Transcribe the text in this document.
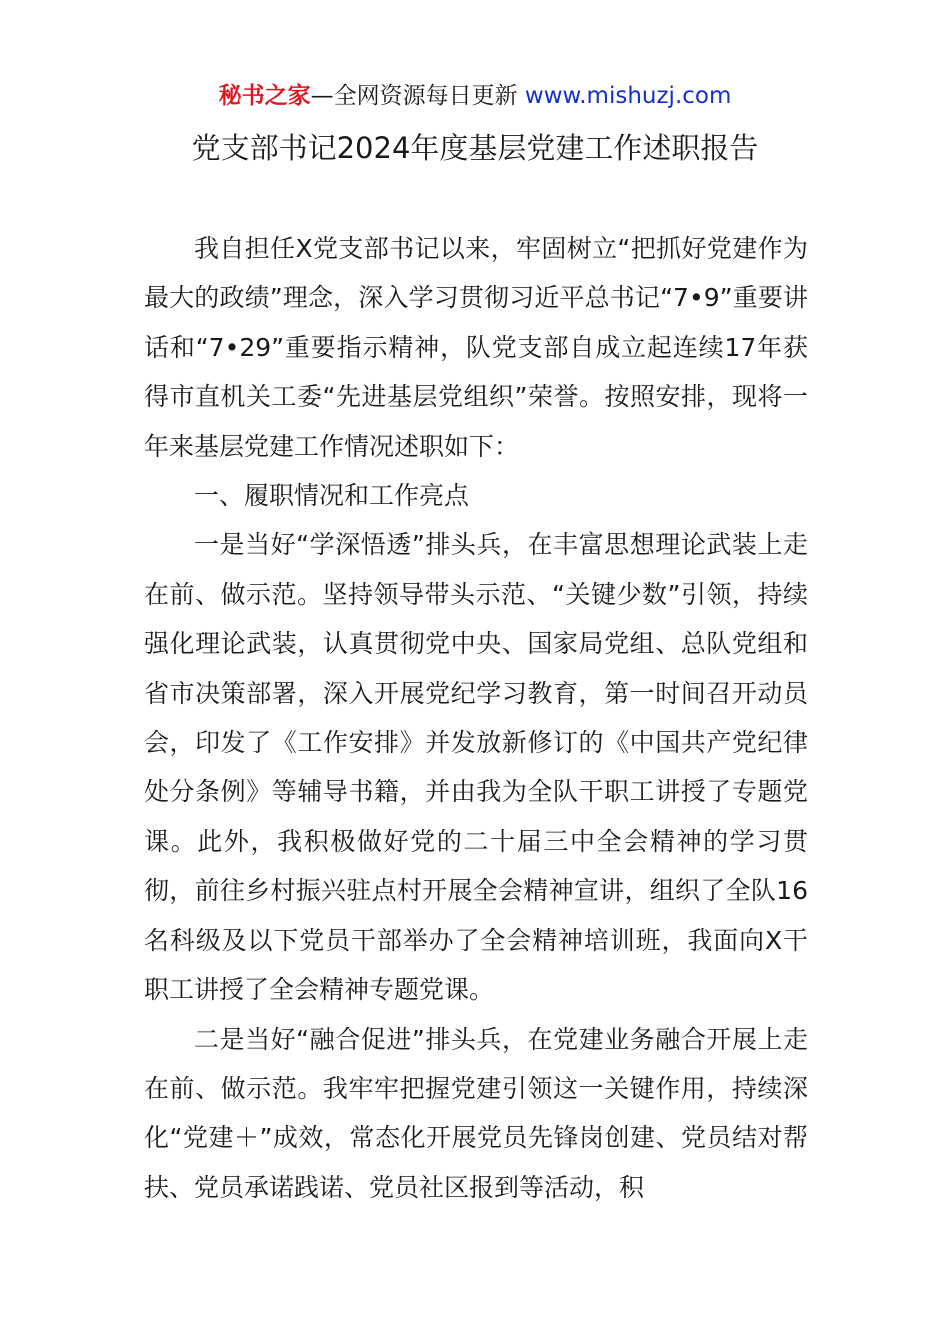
秘书之家—全网资源每日更新 www.mishuzj.com
党支部书记2024年度基层党建工作述职报告

我自担任X党支部书记以来，牢固树立“把抓好党建作为最大的政绩”理念，深入学习贯彻习近平总书记“7•9”重要讲话和“7•29”重要指示精神，队党支部自成立起连续17年获得市直机关工委“先进基层党组织”荣誉。按照安排，现将一年来基层党建工作情况述职如下：

一、履职情况和工作亮点

一是当好“学深悟透”排头兵，在丰富思想理论武装上走在前、做示范。坚持领导带头示范、“关键少数”引领，持续强化理论武装，认真贯彻党中央、国家局党组、总队党组和省市决策部署，深入开展党纪学习教育，第一时间召开动员会，印发了《工作安排》并发放新修订的《中国共产党纪律处分条例》等辅导书籍，并由我为全队干职工讲授了专题党课。此外，我积极做好党的二十届三中全会精神的学习贯彻，前往乡村振兴驻点村开展全会精神宣讲，组织了全队16名科级及以下党员干部举办了全会精神培训班，我面向X干职工讲授了全会精神专题党课。

二是当好“融合促进”排头兵，在党建业务融合开展上走在前、做示范。我牢牢把握党建引领这一关键作用，持续深化“党建＋”成效，常态化开展党员先锋岗创建、党员结对帮扶、党员承诺践诺、党员社区报到等活动，积
